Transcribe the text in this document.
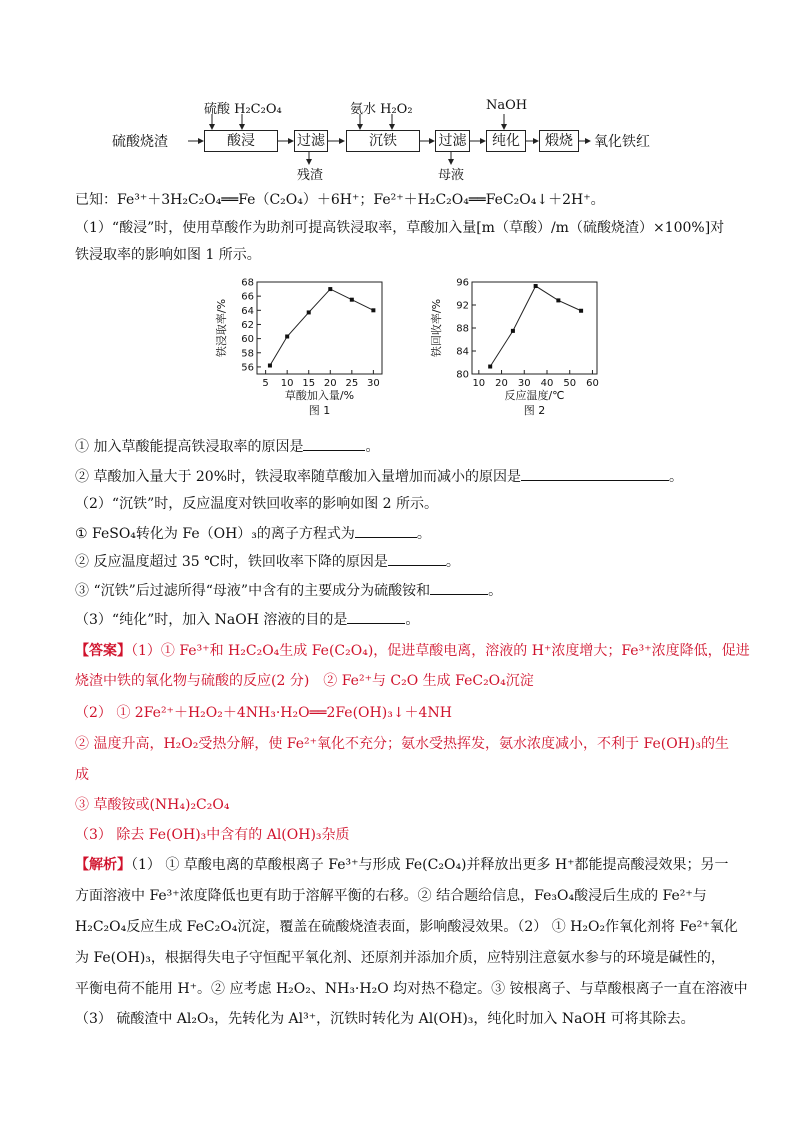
硫酸烧渣	酸浸	过滤	沉铁	过滤	纯化	煅烧	氧化铁红
硫酸 H₂C₂O₄	氨水 H₂O₂	NaOH
残渣	母液
已知：Fe³⁺＋3H₂C₂O₄══Fe（C₂O₄）＋6H⁺；Fe²⁺＋H₂C₂O₄══FeC₂O₄↓＋2H⁺。
（1）“酸浸”时，使用草酸作为助剂可提高铁浸取率，草酸加入量[m（草酸）/m（硫酸烧渣）×100%]对
铁浸取率的影响如图 1 所示。
5 10 15 20 25 30
56
58
60
62
64
66
68
草酸加入量/%
图 1
铁浸取率/%
10 20 30 40 50 60
80
84
88
92
96
反应温度/℃
图 2
铁回收率/%
① 加入草酸能提高铁浸取率的原因是	。
② 草酸加入量大于 20%时，铁浸取率随草酸加入量增加而减小的原因是	。
（2）“沉铁”时，反应温度对铁回收率的影响如图 2 所示。
① FeSO₄转化为 Fe（OH）₃的离子方程式为	。
② 反应温度超过 35 ℃时，铁回收率下降的原因是	。
③ “沉铁”后过滤所得“母液”中含有的主要成分为硫酸铵和	。
（3）“纯化”时，加入 NaOH 溶液的目的是	。
【答案】（1）① Fe³⁺和 H₂C₂O₄生成 Fe(C₂O₄)，促进草酸电离，溶液的 H⁺浓度增大；Fe³⁺浓度降低，促进
烧渣中铁的氧化物与硫酸的反应(2 分)　② Fe²⁺与 C₂O 生成 FeC₂O₄沉淀
（2） ① 2Fe²⁺＋H₂O₂＋4NH₃·H₂O══2Fe(OH)₃↓＋4NH
② 温度升高，H₂O₂受热分解，使 Fe²⁺氧化不充分；氨水受热挥发，氨水浓度减小，不利于 Fe(OH)₃的生
成
③ 草酸铵或(NH₄)₂C₂O₄
（3） 除去 Fe(OH)₃中含有的 Al(OH)₃杂质
【解析】（1） ① 草酸电离的草酸根离子 Fe³⁺与形成 Fe(C₂O₄)并释放出更多 H⁺都能提高酸浸效果；另一
方面溶液中 Fe³⁺浓度降低也更有助于溶解平衡的右移。② 结合题给信息，Fe₃O₄酸浸后生成的 Fe²⁺与
H₂C₂O₄反应生成 FeC₂O₄沉淀，覆盖在硫酸烧渣表面，影响酸浸效果。（2） ① H₂O₂作氧化剂将 Fe²⁺氧化
为 Fe(OH)₃，根据得失电子守恒配平氧化剂、还原剂并添加介质，应特别注意氨水参与的环境是碱性的，
平衡电荷不能用 H⁺。② 应考虑 H₂O₂、NH₃·H₂O 均对热不稳定。③ 铵根离子、与草酸根离子一直在溶液中
（3） 硫酸渣中 Al₂O₃，先转化为 Al³⁺，沉铁时转化为 Al(OH)₃，纯化时加入 NaOH 可将其除去。
